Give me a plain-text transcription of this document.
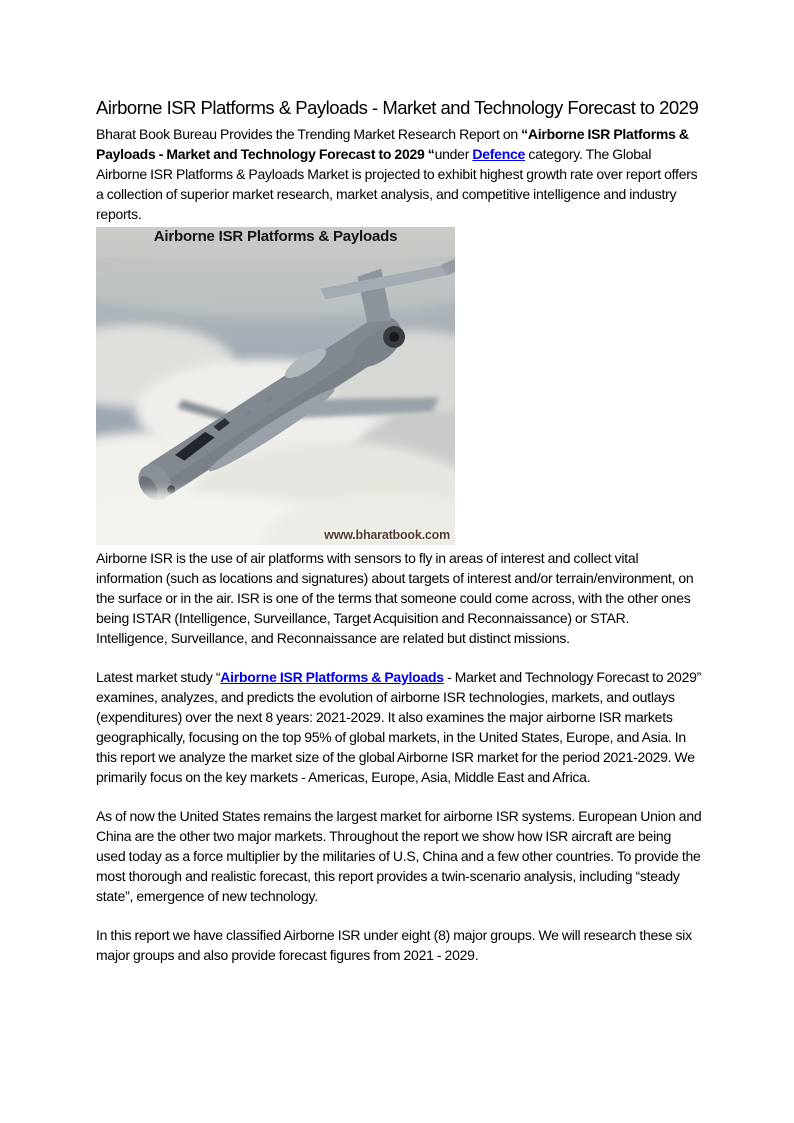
Airborne ISR Platforms & Payloads - Market and Technology Forecast to 2029

Bharat Book Bureau Provides the Trending Market Research Report on “Airborne ISR Platforms & Payloads - Market and Technology Forecast to 2029 “under Defence category. The Global Airborne ISR Platforms & Payloads Market is projected to exhibit highest growth rate over report offers a collection of superior market research, market analysis, and competitive intelligence and industry reports.

Airborne ISR Platforms & Payloads
www.bharatbook.com

Airborne ISR is the use of air platforms with sensors to fly in areas of interest and collect vital information (such as locations and signatures) about targets of interest and/or terrain/environment, on the surface or in the air. ISR is one of the terms that someone could come across, with the other ones being ISTAR (Intelligence, Surveillance, Target Acquisition and Reconnaissance) or STAR. Intelligence, Surveillance, and Reconnaissance are related but distinct missions.

Latest market study “Airborne ISR Platforms & Payloads - Market and Technology Forecast to 2029” examines, analyzes, and predicts the evolution of airborne ISR technologies, markets, and outlays (expenditures) over the next 8 years: 2021-2029. It also examines the major airborne ISR markets geographically, focusing on the top 95% of global markets, in the United States, Europe, and Asia. In this report we analyze the market size of the global Airborne ISR market for the period 2021-2029. We primarily focus on the key markets - Americas, Europe, Asia, Middle East and Africa.

As of now the United States remains the largest market for airborne ISR systems. European Union and China are the other two major markets. Throughout the report we show how ISR aircraft are being used today as a force multiplier by the militaries of U.S, China and a few other countries. To provide the most thorough and realistic forecast, this report provides a twin-scenario analysis, including “steady state”, emergence of new technology.

In this report we have classified Airborne ISR under eight (8) major groups. We will research these six major groups and also provide forecast figures from 2021 - 2029.
